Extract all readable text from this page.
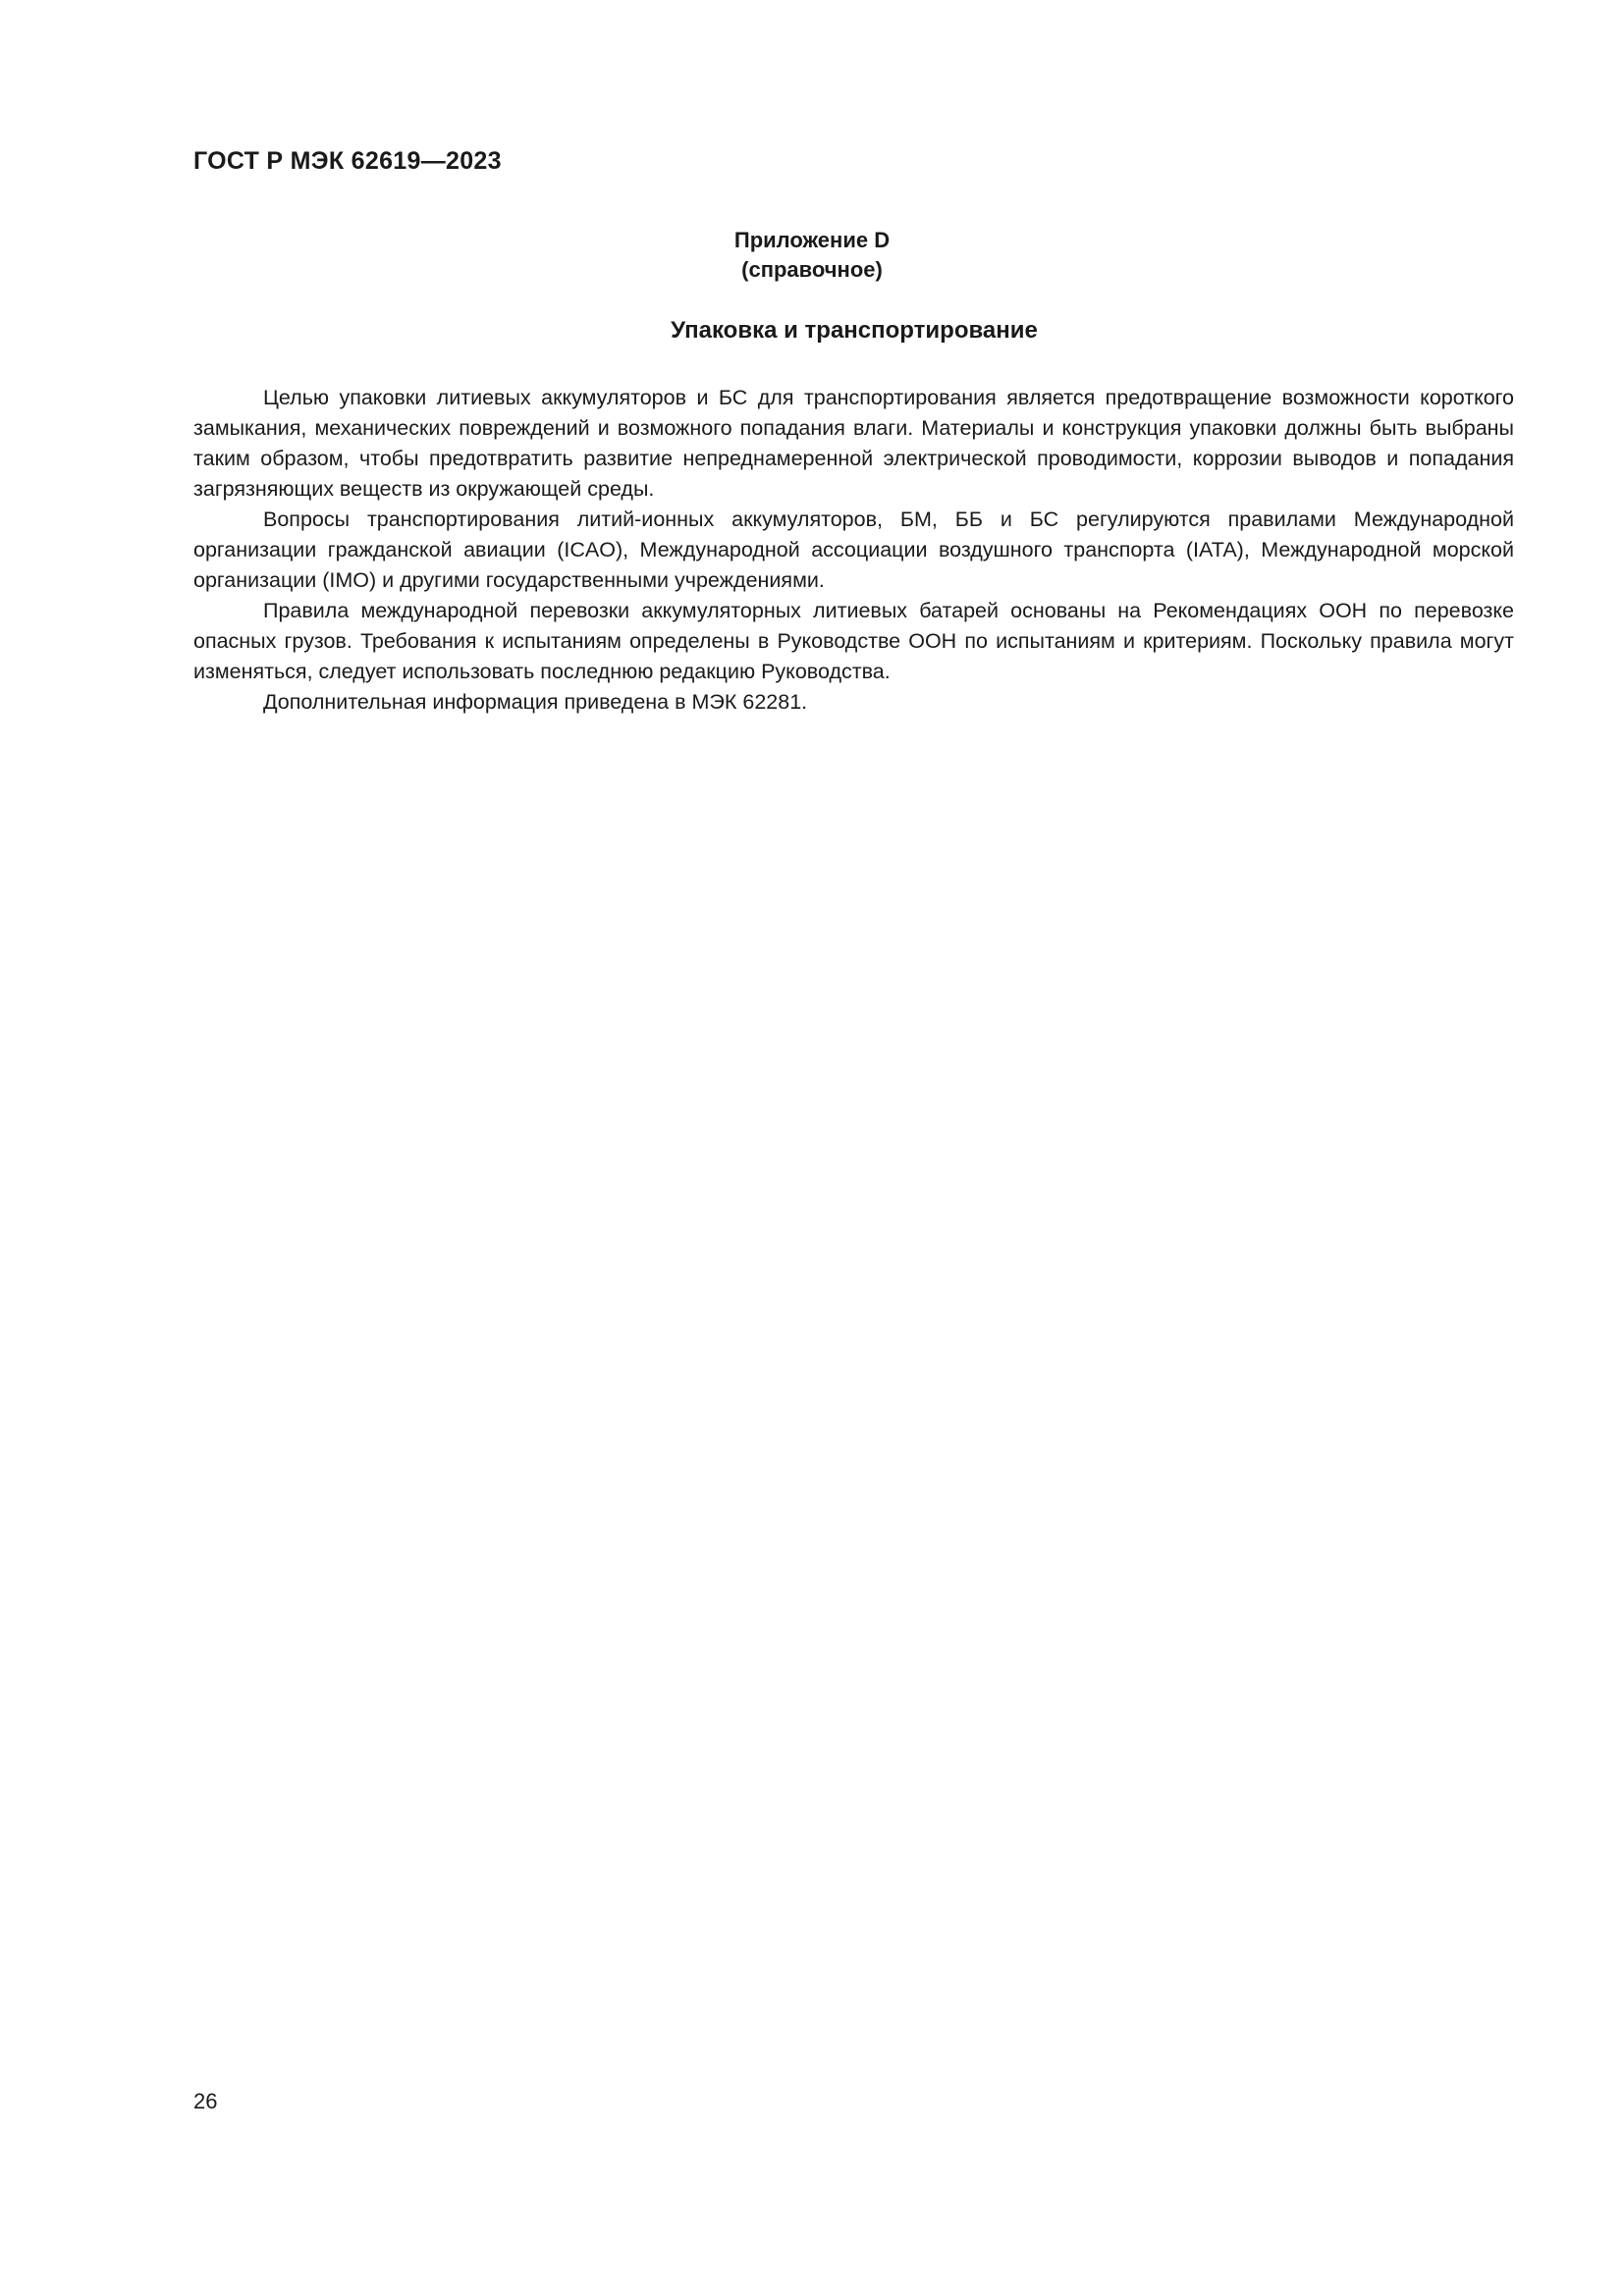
ГОСТ Р МЭК 62619—2023
Приложение D
(справочное)
Упаковка и транспортирование

Целью упаковки литиевых аккумуляторов и БС для транспортирования является предотвращение возможности короткого замыкания, механических повреждений и возможного попадания влаги. Материалы и конструкция упаковки должны быть выбраны таким образом, чтобы предотвратить развитие непреднамеренной электрической проводимости, коррозии выводов и попадания загрязняющих веществ из окружающей среды.

Вопросы транспортирования литий-ионных аккумуляторов, БМ, ББ и БС регулируются правилами Международной организации гражданской авиации (ICAO), Международной ассоциации воздушного транспорта (IATA), Международной морской организации (IMO) и другими государственными учреждениями.

Правила международной перевозки аккумуляторных литиевых батарей основаны на Рекомендациях ООН по перевозке опасных грузов. Требования к испытаниям определены в Руководстве ООН по испытаниям и критериям. Поскольку правила могут изменяться, следует использовать последнюю редакцию Руководства.

Дополнительная информация приведена в МЭК 62281.

26
